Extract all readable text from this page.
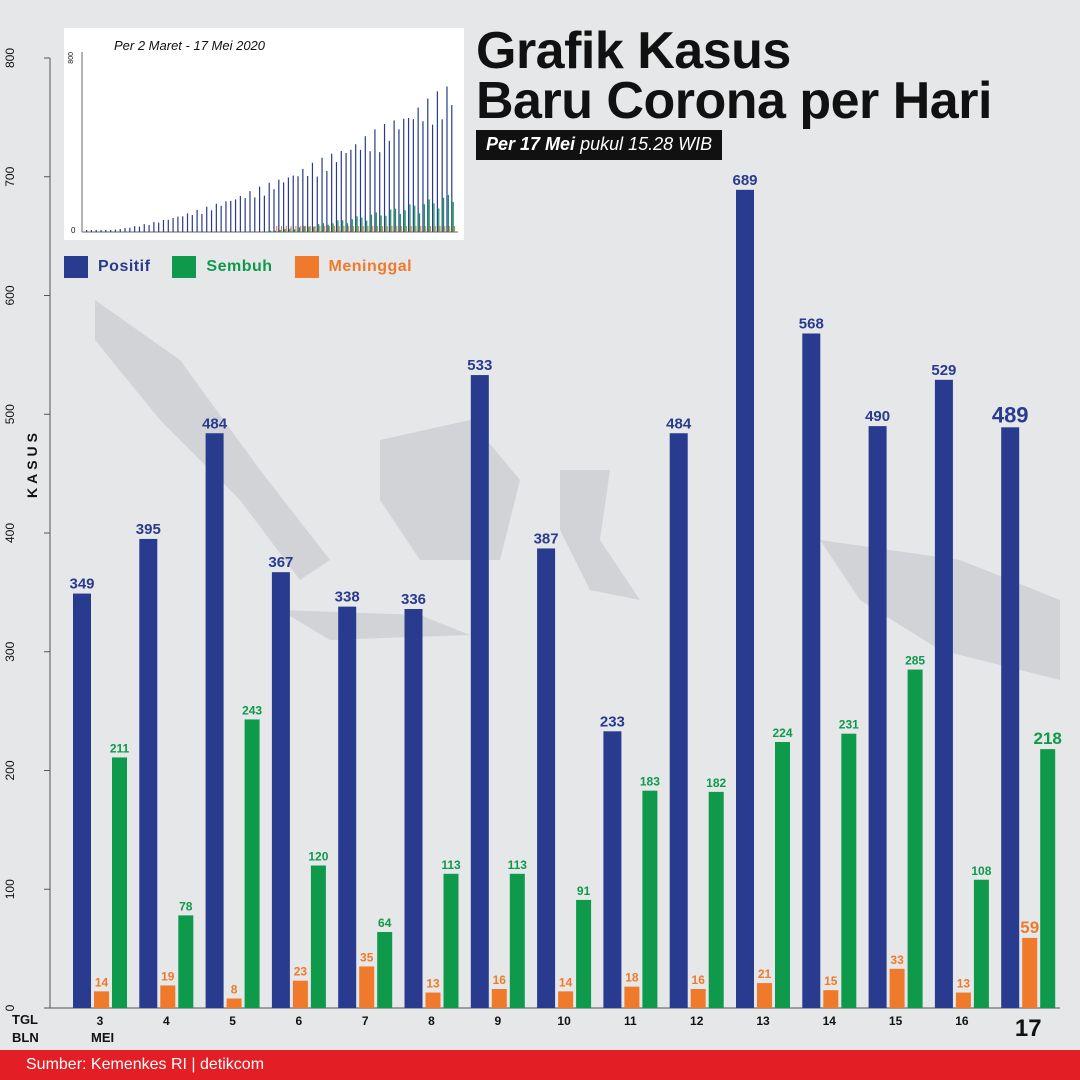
0
100
200
300
400
500
600
700
800
349
14
211
3
395
19
78
4
484
8
243
5
367
23
120
6
338
35
64
7
336
13
113
8
533
16
113
9
387
14
91
10
233
18
183
11
484
16
182
12
689
21
224
13
568
15
231
14
490
33
285
15
529
13
108
16
489
59
218
17
800
0
Per 2 Maret - 17 Mei 2020	Grafik Kasus
Baru Corona per Hari
Per 17 Mei pukul 15.28 WIB
Positif	Sembuh	Meninggal
KASUS
TGL
BLN	MEI
Sumber: Kemenkes RI | detikcom
